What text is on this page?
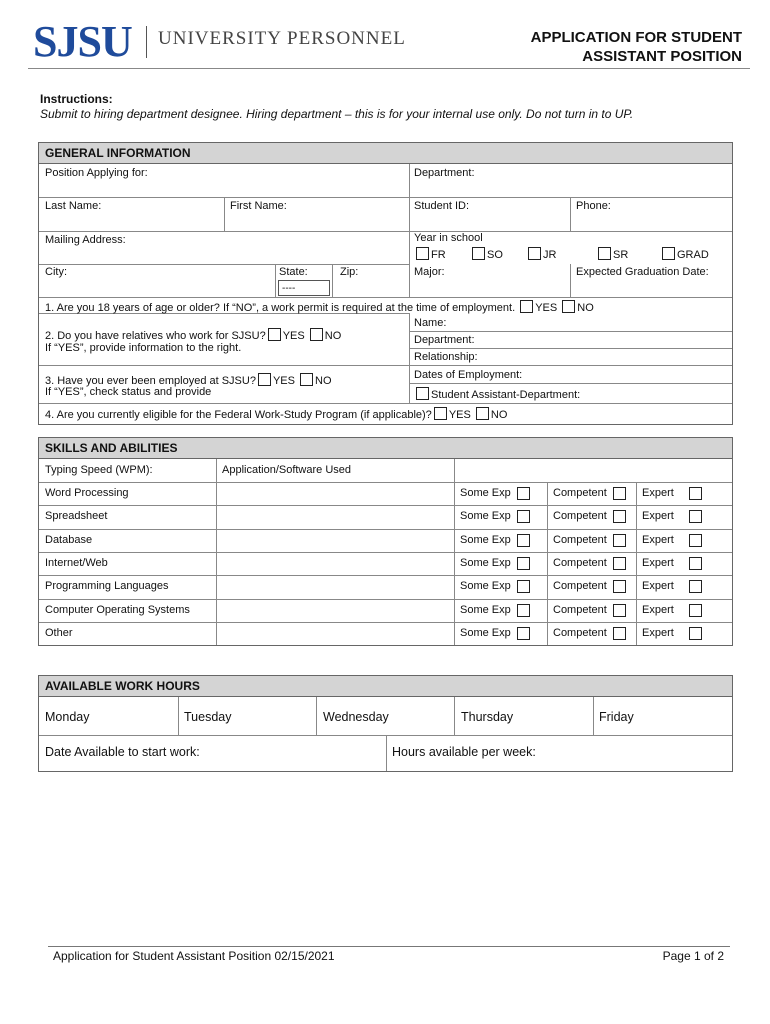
SJSU UNIVERSITY PERSONNEL	APPLICATION FOR STUDENT
ASSISTANT POSITION
Instructions:
Submit to hiring department designee. Hiring department – this is for your internal use only. Do not turn in to UP.
GENERAL INFORMATION
Position Applying for:	Department:
Last Name:	First Name:	Student ID:	Phone:
Mailing Address:	Year in school
FR	SO	JR	SR	GRAD
City:	State:
----
Zip:	Major:	Expected Graduation Date:
1. Are you 18 years of age or older? If “NO”, a work permit is required at the time of employment. YES NO
2. Do you have relatives who work for SJSU? YES NO
If “YES”, provide information to the right.
Name:
Department:
Relationship:
3. Have you ever been employed at SJSU? YES NO
If “YES”, check status and provide
Dates of Employment:
Student Assistant-Department:
4. Are you currently eligible for the Federal Work-Study Program (if applicable)? YES NO
SKILLS AND ABILITIES
Typing Speed (WPM):	Application/Software Used
Word Processing	Some Exp	Competent	Expert
Spreadsheet	Some Exp	Competent	Expert
Database	Some Exp	Competent	Expert
Internet/Web	Some Exp	Competent	Expert
Programming Languages	Some Exp	Competent	Expert
Computer Operating Systems	Some Exp	Competent	Expert
Other	Some Exp	Competent	Expert
AVAILABLE WORK HOURS
Monday	Tuesday	Wednesday	Thursday	Friday
Date Available to start work:	Hours available per week:
Application for Student Assistant Position 02/15/2021	Page 1 of 2
